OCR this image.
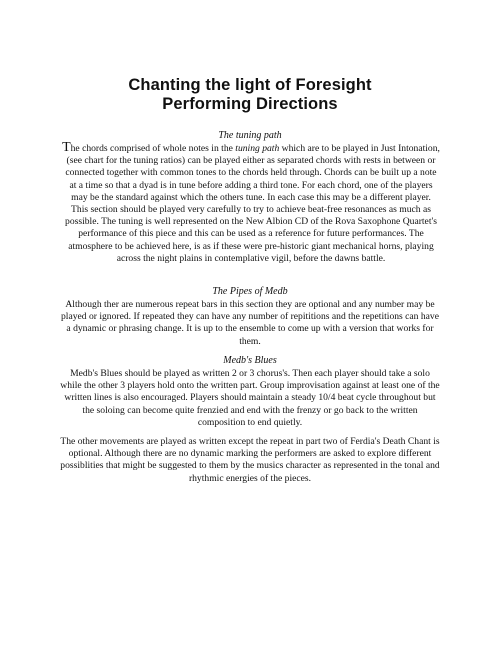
Chanting the light of Foresight
Performing Directions
The tuning path

The chords comprised of whole notes in the tuning path which are to be played in Just Intonation, (see chart for the tuning ratios) can be played either as separated chords with rests in between or connected together with common tones to the chords held through. Chords can be built up a note at a time so that a dyad is in tune before adding a third tone. For each chord, one of the players may be the standard against which the others tune. In each case this may be a different player. This section should be played very carefully to try to achieve beat-free resonances as much as possible. The tuning is well represented on the New Albion CD of the Rova Saxophone Quartet's performance of this piece and this can be used as a reference for future performances. The atmosphere to be achieved here, is as if these were pre-historic giant mechanical horns, playing across the night plains in contemplative vigil, before the dawns battle.

The Pipes of Medb

Although ther are numerous repeat bars in this section they are optional and any number may be played or ignored. If repeated they can have any number of repititions and the repetitions can have a dynamic or phrasing change. It is up to the ensemble to come up with a version that works for them.

Medb's Blues

Medb's Blues should be played as written 2 or 3 chorus's. Then each player should take a solo while the other 3 players hold onto the written part. Group improvisation against at least one of the written lines is also encouraged. Players should maintain a steady 10/4 beat cycle throughout but the soloing can become quite frenzied and end with the frenzy or go back to the written composition to end quietly.

The other movements are played as written except the repeat in part two of Ferdia's Death Chant is optional. Although there are no dynamic marking the performers are asked to explore different possiblities that might be suggested to them by the musics character as represented in the tonal and rhythmic energies of the pieces.
